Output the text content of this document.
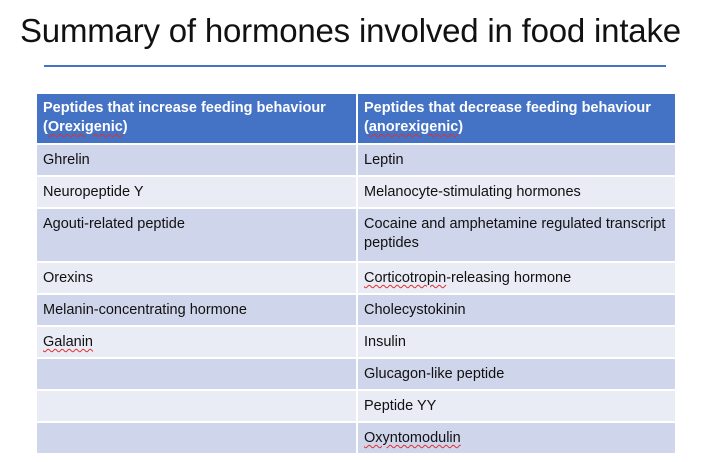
Summary of hormones involved in food intake
Peptides that increase feeding behaviour (Orexigenic)	Peptides that decrease feeding behaviour (anorexigenic)
Ghrelin	Leptin
Neuropeptide Y	Melanocyte-stimulating hormones
Agouti-related peptide	Cocaine and amphetamine regulated transcript peptides
Orexins	Corticotropin-releasing hormone
Melanin-concentrating hormone	Cholecystokinin
Galanin	Insulin
	Glucagon-like peptide
	Peptide YY
	Oxyntomodulin
